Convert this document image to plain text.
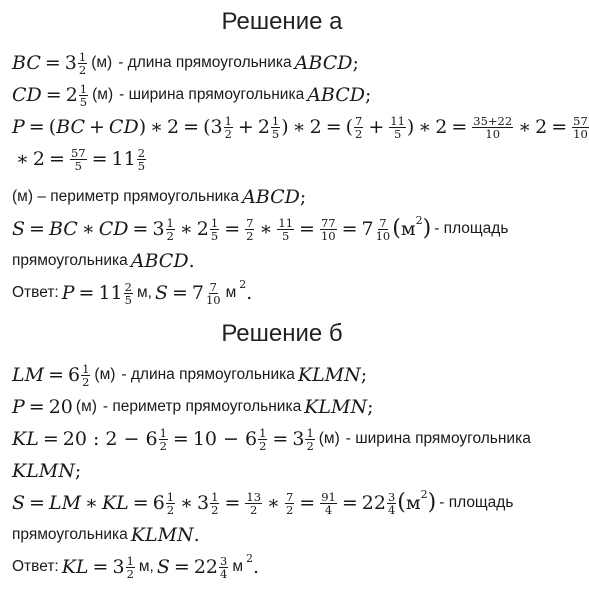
Решение а
BC = $3 \frac{1}{2} (м)$ - длина прямоугольника ABCD ;
CD = $2 \frac{1}{5} (м)$ - ширина прямоугольника ABCD ;
P = ( BC + CD ) ∗ 2 = ( $3 \frac{1}{2} + 2 \frac{1}{5}$ ) ∗ 2 = ( $\frac{7}{2} + \frac{11}{5}$ ) ∗ $2 = \frac{35+22}{10}$ ∗ $2 = \frac{57}{10}$
∗ $2 = \frac{57}{5} = 11 \frac{2}{5}$
(м) – периметр прямоугольника ABCD ;
S = BC ∗ CD = $3 \frac{1}{2}$ ∗ $2 \frac{1}{5} = \frac{7}{2}$ ∗ $\frac{11}{5} = \frac{77}{10} = 7 \frac{7}{10}$ ( м 2 ) - площадь
прямоугольника ABCD .
Ответ: $P = 11 \frac{2}{5} м$, $S = 7 \frac{7}{10}$ м 2 .
Решение б
LM = $6 \frac{1}{2} (м)$ - длина прямоугольника KLMN ;
P = 20 (м) - периметр прямоугольника KLMN ;
KL = 20 : $2 - 6 \frac{1}{2} = 10 - 6 \frac{1}{2} = 3 \frac{1}{2} (м)$ - ширина прямоугольника
KLMN ;
S = LM ∗ KL = $6 \frac{1}{2}$ ∗ $3 \frac{1}{2} = \frac{13}{2}$ ∗ $\frac{7}{2} = \frac{91}{4} = 22 \frac{3}{4}$ ( м 2 ) - площадь
прямоугольника KLMN .
Ответ: KL = $3 \frac{1}{2} м$, $S = 22 \frac{3}{4}$ м 2 .
